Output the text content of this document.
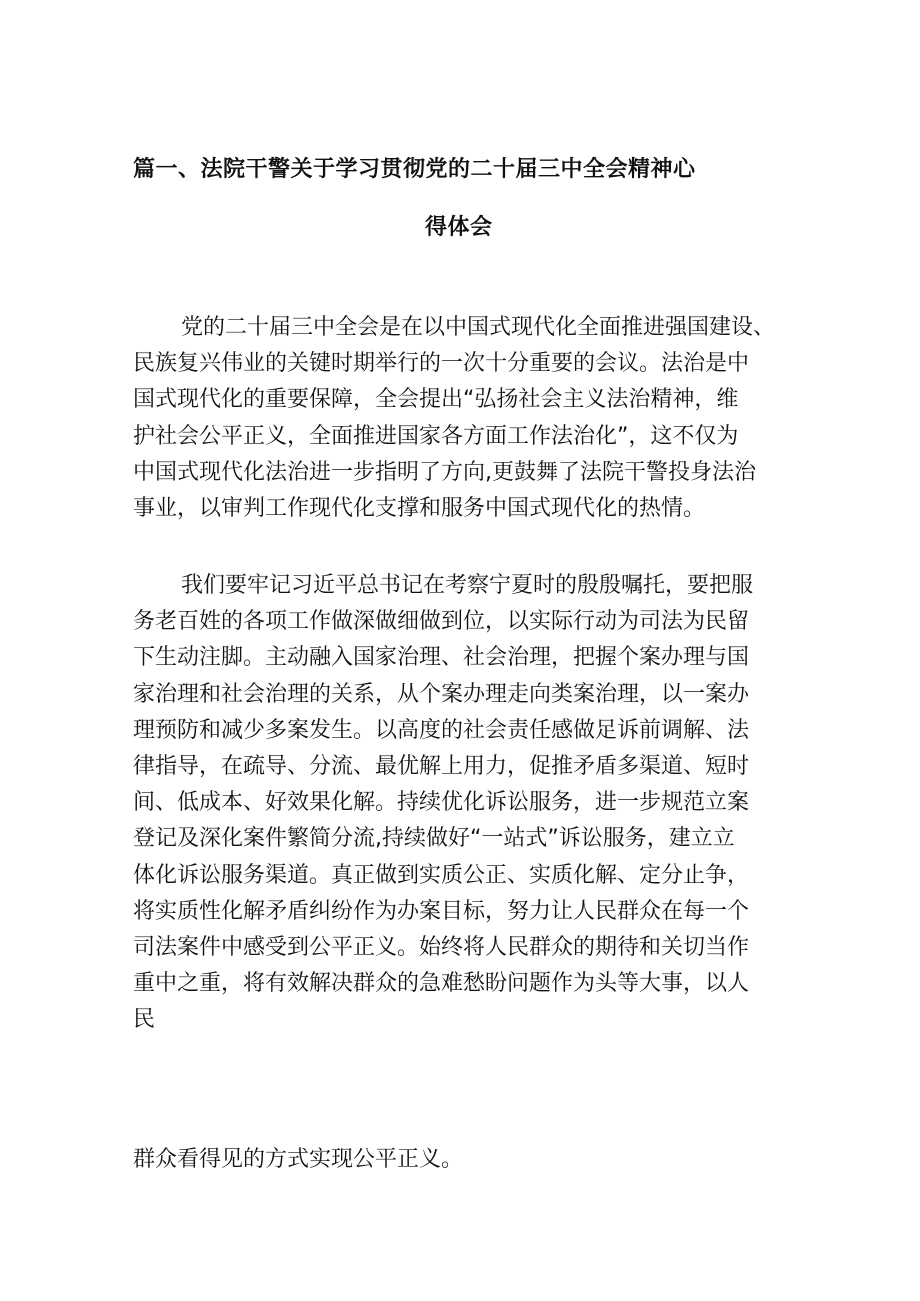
篇一、法院干警关于学习贯彻党的二十届三中全会精神心
得体会
党的二十届三中全会是在以中国式现代化全面推进强国建设、
民族复兴伟业的关键时期举行的一次十分重要的会议。法治是中
国式现代化的重要保障，全会提出“弘扬社会主义法治精神，维
护社会公平正义，全面推进国家各方面工作法治化”，这不仅为
中国式现代化法治进一步指明了方向,更鼓舞了法院干警投身法治
事业，以审判工作现代化支撑和服务中国式现代化的热情。
我们要牢记习近平总书记在考察宁夏时的殷殷嘱托，要把服
务老百姓的各项工作做深做细做到位，以实际行动为司法为民留
下生动注脚。主动融入国家治理、社会治理，把握个案办理与国
家治理和社会治理的关系，从个案办理走向类案治理，以一案办
理预防和减少多案发生。以高度的社会责任感做足诉前调解、法
律指导，在疏导、分流、最优解上用力，促推矛盾多渠道、短时
间、低成本、好效果化解。持续优化诉讼服务，进一步规范立案
登记及深化案件繁简分流,持续做好“一站式”诉讼服务，建立立
体化诉讼服务渠道。真正做到实质公正、实质化解、定分止争，
将实质性化解矛盾纠纷作为办案目标，努力让人民群众在每一个
司法案件中感受到公平正义。始终将人民群众的期待和关切当作
重中之重，将有效解决群众的急难愁盼问题作为头等大事，以人
民
群众看得见的方式实现公平正义。
